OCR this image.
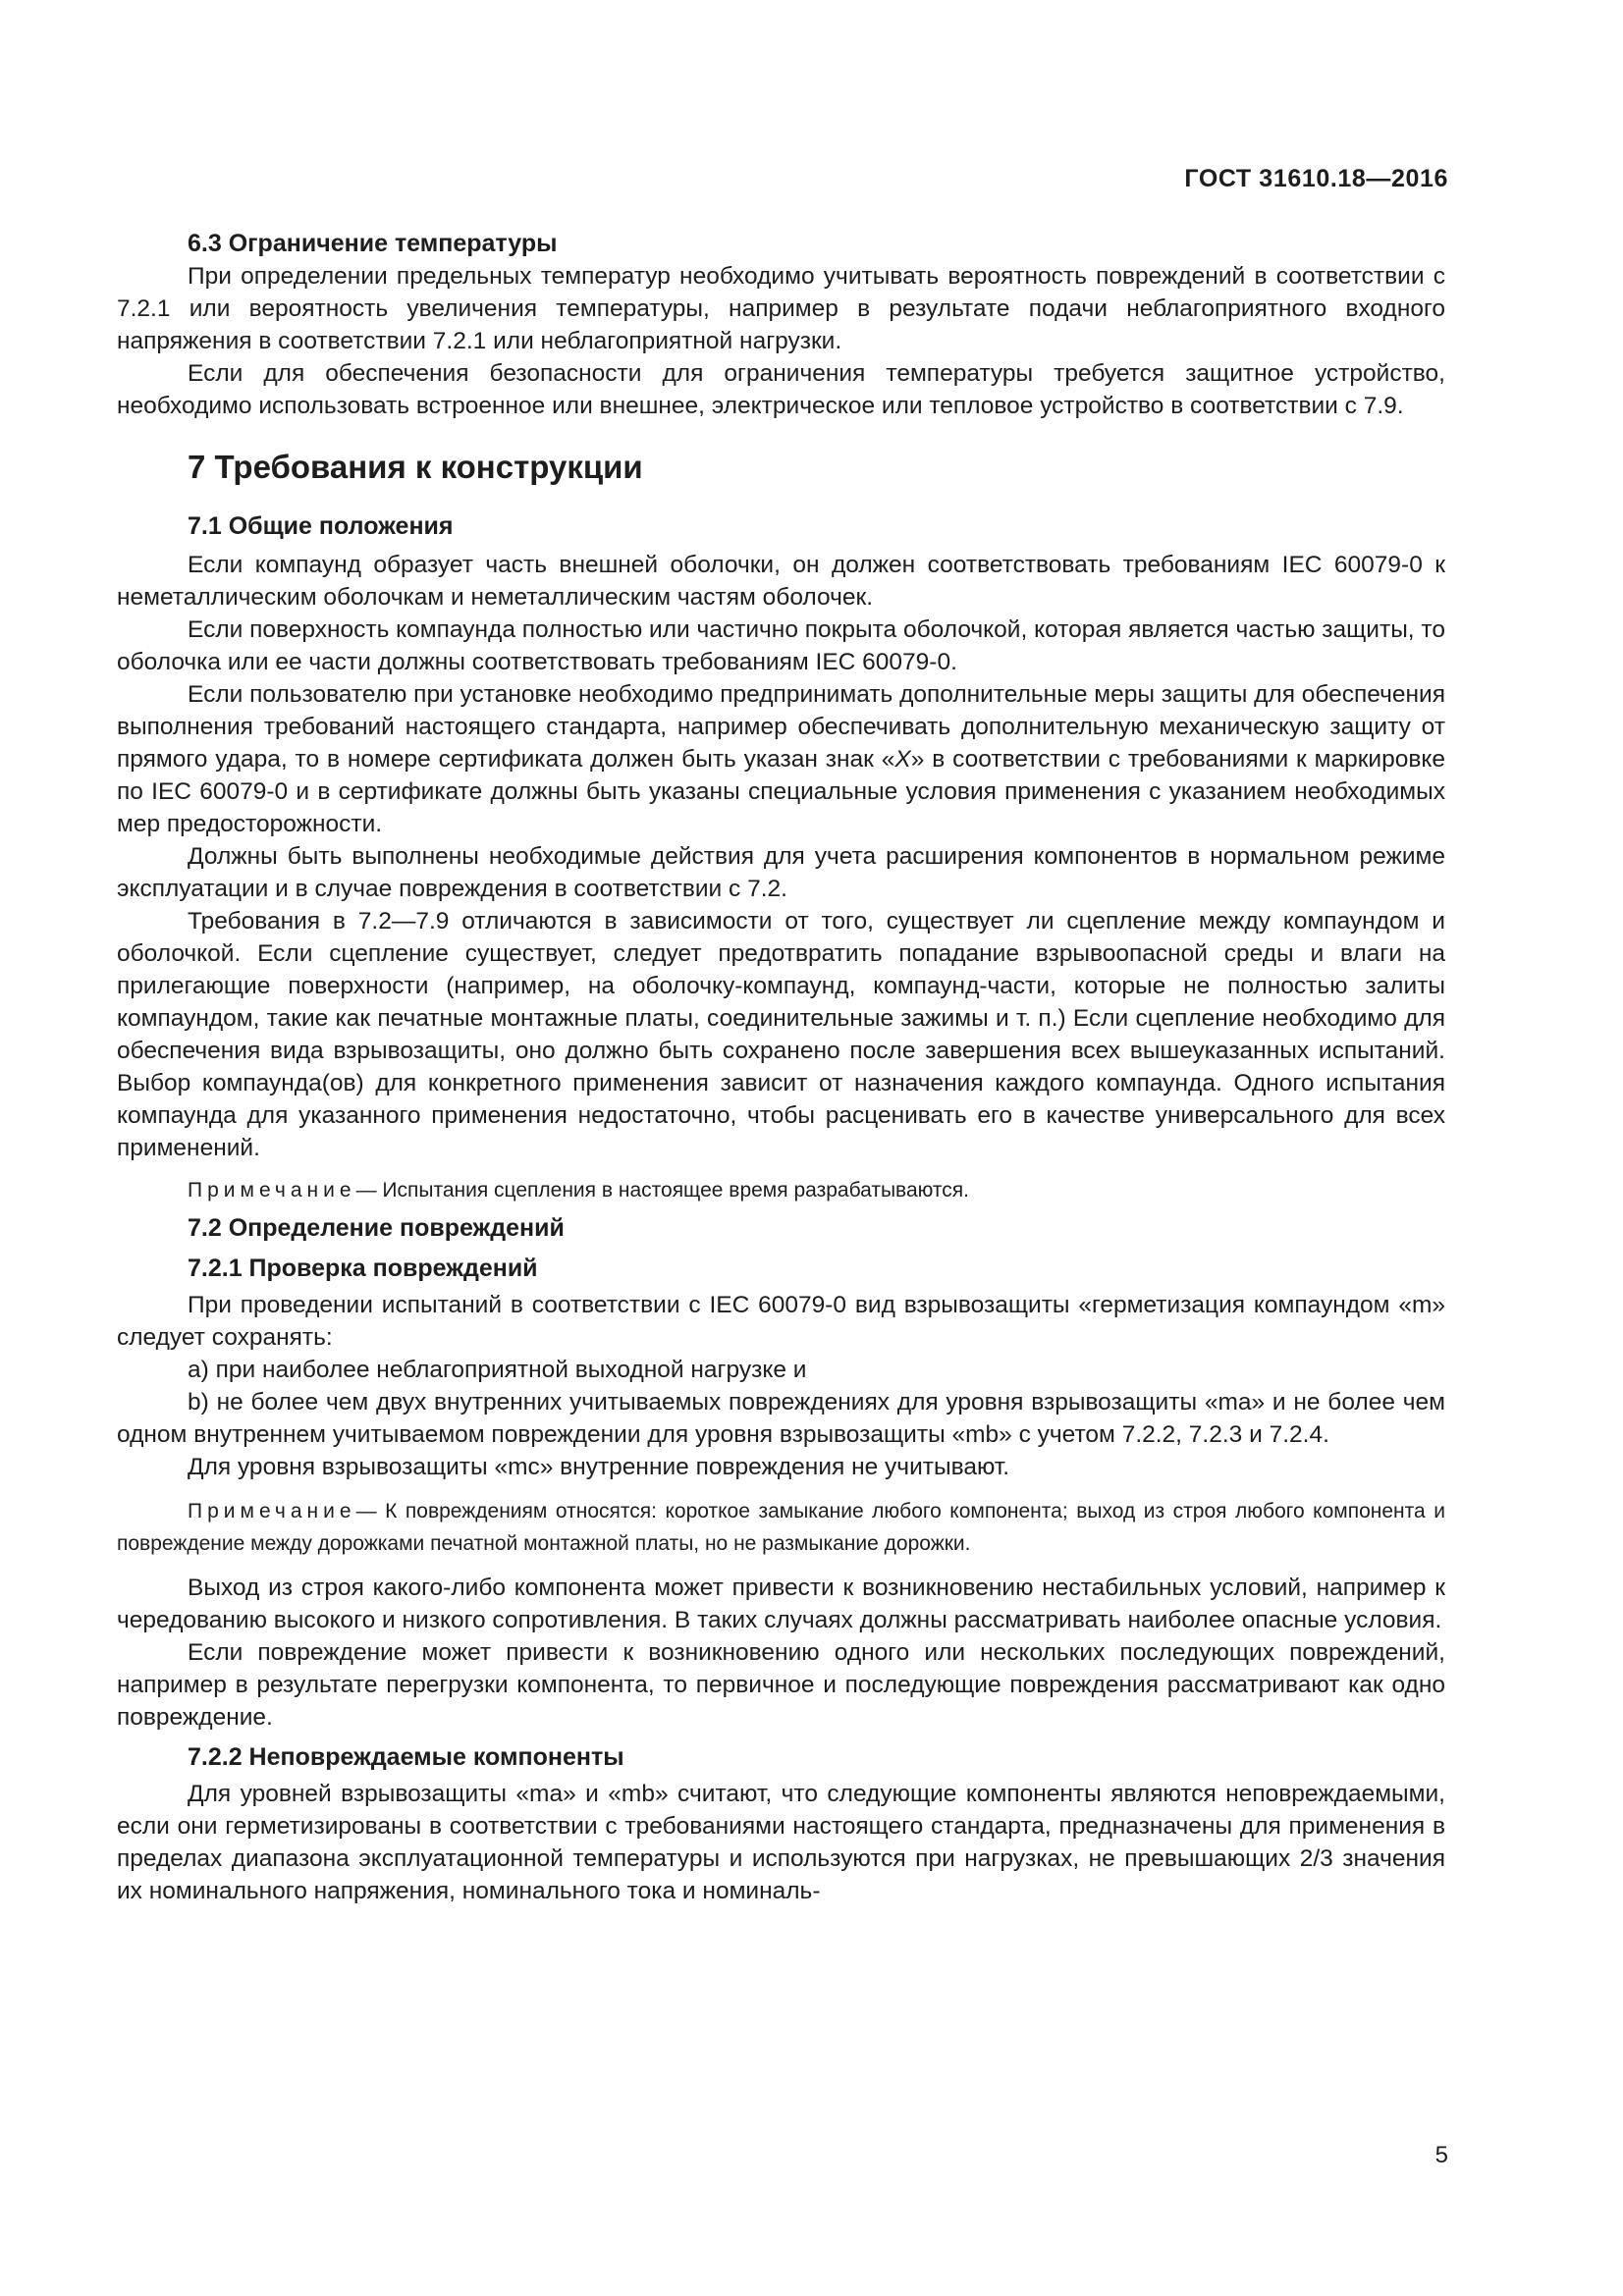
ГОСТ 31610.18—2016

6.3 Ограничение температуры

При определении предельных температур необходимо учитывать вероятность повреждений в соответствии с 7.2.1 или вероятность увеличения температуры, например в результате подачи неблагоприятного входного напряжения в соответствии 7.2.1 или неблагоприятной нагрузки.

Если для обеспечения безопасности для ограничения температуры требуется защитное устройство, необходимо использовать встроенное или внешнее, электрическое или тепловое устройство в соответствии с 7.9.

7 Требования к конструкции

7.1 Общие положения

Если компаунд образует часть внешней оболочки, он должен соответствовать требованиям IEC 60079-0 к неметаллическим оболочкам и неметаллическим частям оболочек.

Если поверхность компаунда полностью или частично покрыта оболочкой, которая является частью защиты, то оболочка или ее части должны соответствовать требованиям IEC 60079-0.

Если пользователю при установке необходимо предпринимать дополнительные меры защиты для обеспечения выполнения требований настоящего стандарта, например обеспечивать дополнительную механическую защиту от прямого удара, то в номере сертификата должен быть указан знак «X» в соответствии с требованиями к маркировке по IEC 60079-0 и в сертификате должны быть указаны специальные условия применения с указанием необходимых мер предосторожности.

Должны быть выполнены необходимые действия для учета расширения компонентов в нормальном режиме эксплуатации и в случае повреждения в соответствии с 7.2.

Требования в 7.2—7.9 отличаются в зависимости от того, существует ли сцепление между компаундом и оболочкой. Если сцепление существует, следует предотвратить попадание взрывоопасной среды и влаги на прилегающие поверхности (например, на оболочку-компаунд, компаунд-части, которые не полностью залиты компаундом, такие как печатные монтажные платы, соединительные зажимы и т. п.) Если сцепление необходимо для обеспечения вида взрывозащиты, оно должно быть сохранено после завершения всех вышеуказанных испытаний. Выбор компаунда(ов) для конкретного применения зависит от назначения каждого компаунда. Одного испытания компаунда для указанного применения недостаточно, чтобы расценивать его в качестве универсального для всех применений.

Примечание— Испытания сцепления в настоящее время разрабатываются.

7.2 Определение повреждений

7.2.1 Проверка повреждений

При проведении испытаний в соответствии с IEC 60079-0 вид взрывозащиты «герметизация компаундом «m» следует сохранять:

a) при наиболее неблагоприятной выходной нагрузке и

b) не более чем двух внутренних учитываемых повреждениях для уровня взрывозащиты «ma» и не более чем одном внутреннем учитываемом повреждении для уровня взрывозащиты «mb» с учетом 7.2.2, 7.2.3 и 7.2.4.

Для уровня взрывозащиты «mc» внутренние повреждения не учитывают.

Примечание— К повреждениям относятся: короткое замыкание любого компонента; выход из строя любого компонента и повреждение между дорожками печатной монтажной платы, но не размыкание дорожки.

Выход из строя какого-либо компонента может привести к возникновению нестабильных условий, например к чередованию высокого и низкого сопротивления. В таких случаях должны рассматривать наиболее опасные условия.

Если повреждение может привести к возникновению одного или нескольких последующих повреждений, например в результате перегрузки компонента, то первичное и последующие повреждения рассматривают как одно повреждение.

7.2.2 Неповреждаемые компоненты

Для уровней взрывозащиты «ma» и «mb» считают, что следующие компоненты являются неповреждаемыми, если они герметизированы в соответствии с требованиями настоящего стандарта, предназначены для применения в пределах диапазона эксплуатационной температуры и используются при нагрузках, не превышающих 2/3 значения их номинального напряжения, номинального тока и номиналь-

5
